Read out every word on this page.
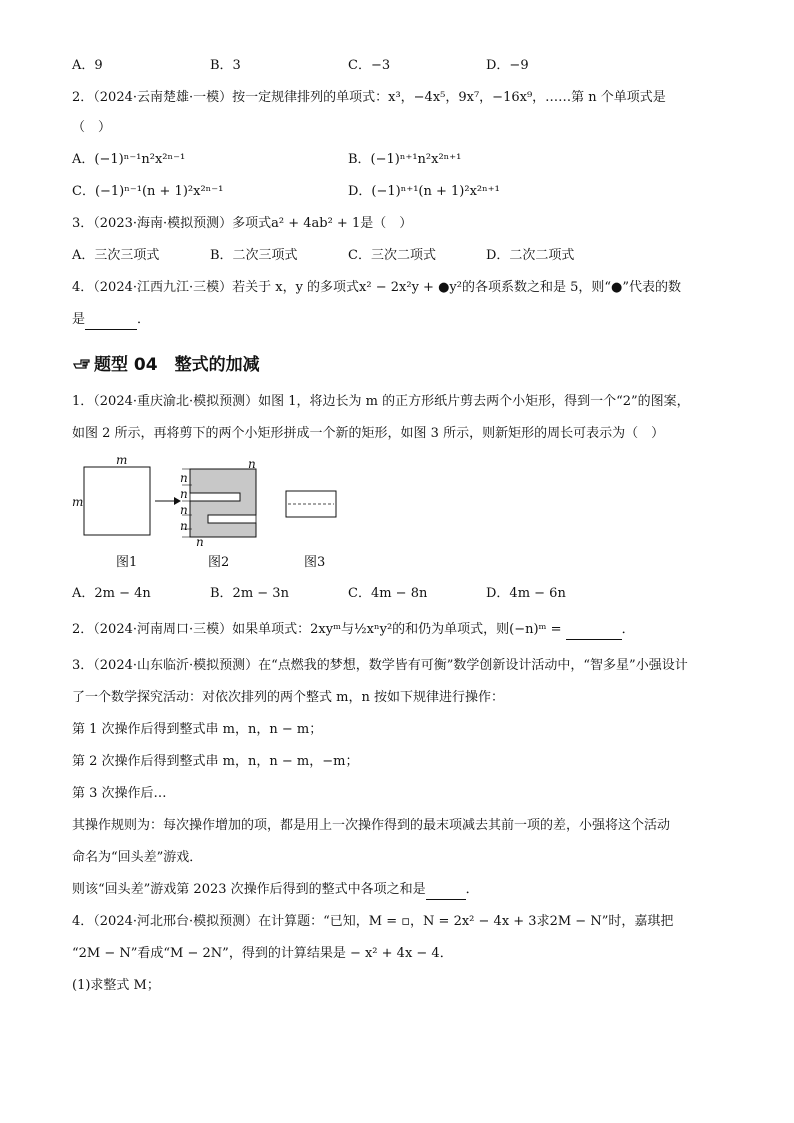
A．9	B．3	C．−3	D．−9
2．（2024·云南楚雄·一模）按一定规律排列的单项式：x³，−4x⁵，9x⁷，−16x⁹，……第 n 个单项式是
（　）
A．(−1)ⁿ⁻¹n²x²ⁿ⁻¹	B．(−1)ⁿ⁺¹n²x²ⁿ⁺¹
C．(−1)ⁿ⁻¹(n + 1)²x²ⁿ⁻¹	D．(−1)ⁿ⁺¹(n + 1)²x²ⁿ⁺¹
3．（2023·海南·模拟预测）多项式a² + 4ab² + 1是（　）
A．三次三项式	B．二次三项式	C．三次二项式	D．二次二项式
4．（2024·江西九江·三模）若关于 x，y 的多项式x² − 2x²y + ●y²的各项系数之和是 5，则“●”代表的数
是	．
题型 04　整式的加减
1．（2024·重庆渝北·模拟预测）如图 1，将边长为 m 的正方形纸片剪去两个小矩形，得到一个“2”的图案，
如图 2 所示，再将剪下的两个小矩形拼成一个新的矩形，如图 3 所示，则新矩形的周长可表示为（　）
m
m
n
n
n
n
n
n
图1	图2	图3
A．2m − 4n	B．2m − 3n	C．4m − 8n	D．4m − 6n
2．（2024·河南周口·三模）如果单项式：2xyᵐ与½xⁿy²的和仍为单项式，则(−n)ᵐ =	．
3．（2024·山东临沂·模拟预测）在“点燃我的梦想，数学皆有可衡”数学创新设计活动中，“智多星”小强设计
了一个数学探究活动：对依次排列的两个整式 m，n 按如下规律进行操作：
第 1 次操作后得到整式串 m，n，n − m；
第 2 次操作后得到整式串 m，n，n − m，−m；
第 3 次操作后…
其操作规则为：每次操作增加的项，都是用上一次操作得到的最末项减去其前一项的差，小强将这个活动
命名为“回头差”游戏．
则该“回头差”游戏第 2023 次操作后得到的整式中各项之和是	．
4．（2024·河北邢台·模拟预测）在计算题：“已知，M = ▫，N = 2x² − 4x + 3求2M − N”时，嘉琪把
“2M − N”看成“M − 2N”，得到的计算结果是 − x² + 4x − 4．
(1)求整式 M；
